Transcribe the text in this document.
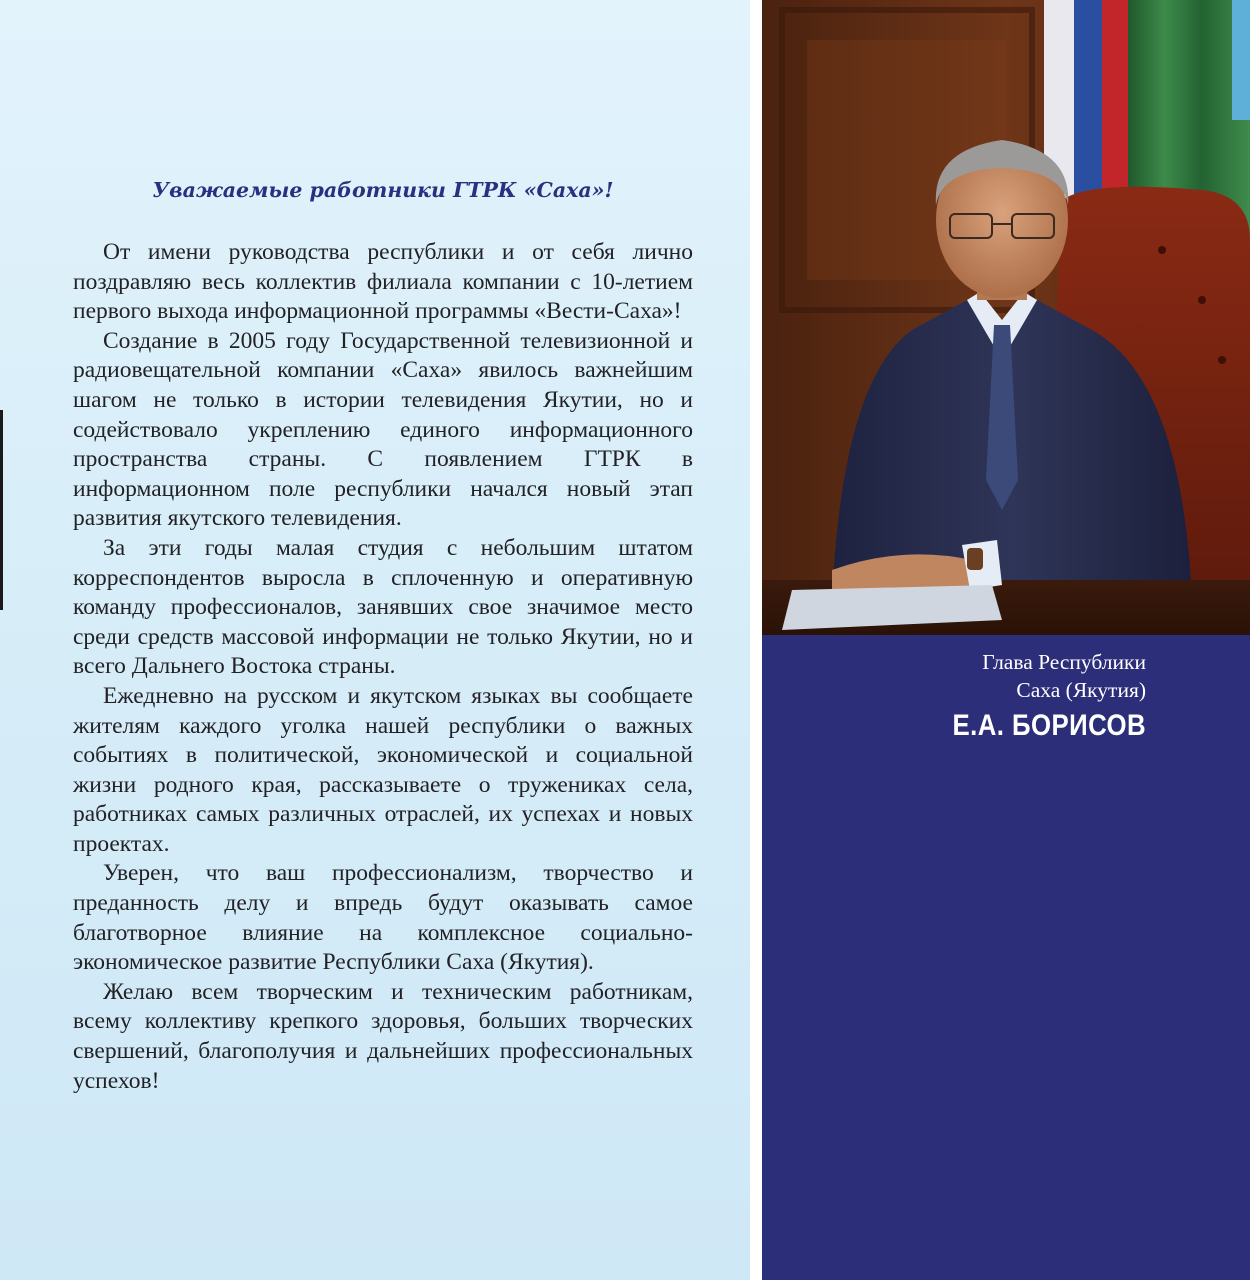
Уважаемые работники ГТРК «Саха»!

От имени руководства республики и от себя лично поздравляю весь коллектив филиала компании с 10-летием первого выхода информационной программы «Вести-Саха»!

Создание в 2005 году Государственной телевизионной и радиовещательной компании «Саха» явилось важнейшим шагом не только в истории телевидения Якутии, но и содействовало укреплению единого информационного пространства страны. С появлением ГТРК в информационном поле республики начался новый этап развития якутского телевидения.

За эти годы малая студия с небольшим штатом корреспондентов выросла в сплоченную и оперативную команду профессионалов, занявших свое значимое место среди средств массовой информации не только Якутии, но и всего Дальнего Востока страны.

Ежедневно на русском и якутском языках вы сообщаете жителям каждого уголка нашей республики о важных событиях в политической, экономической и социальной жизни родного края, рассказываете о тружениках села, работниках самых различных отраслей, их успехах и новых проектах.

Уверен, что ваш профессионализм, творчество и преданность делу и впредь будут оказывать самое благотворное влияние на комплексное социально-экономическое развитие Республики Саха (Якутия).

Желаю всем творческим и техническим работникам, всему коллективу крепкого здоровья, больших творческих свершений, благополучия и дальнейших профессиональных успехов!

Глава Республики

Саха (Якутия)

Е.А. БОРИСОВ
